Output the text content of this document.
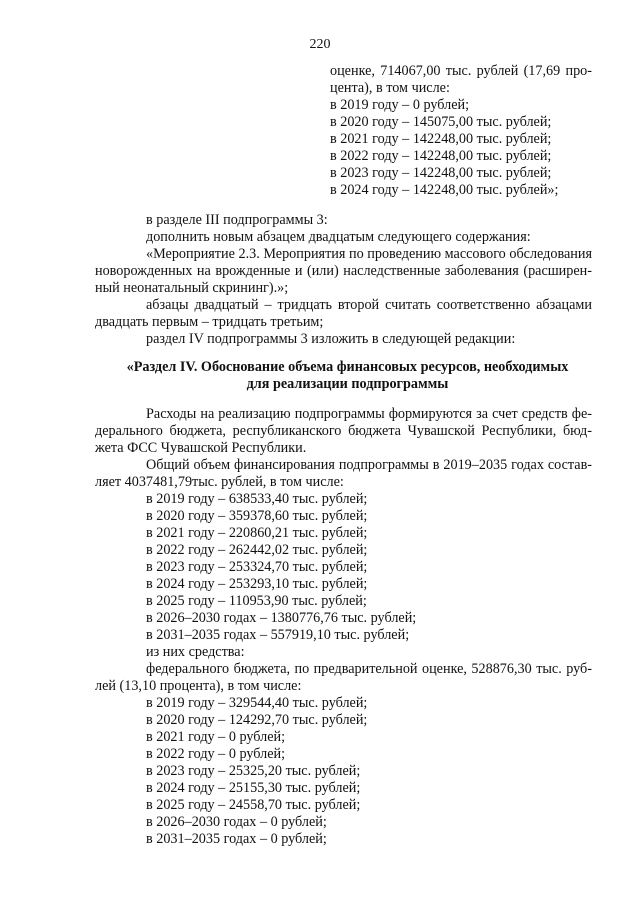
220
оценке, 714067,00 тыс. рублей (17,69 про-
цента), в том числе:
в 2019 году – 0 рублей;
в 2020 году – 145075,00 тыс. рублей;
в 2021 году – 142248,00 тыс. рублей;
в 2022 году – 142248,00 тыс. рублей;
в 2023 году – 142248,00 тыс. рублей;
в 2024 году – 142248,00 тыс. рублей»;
в разделе III подпрограммы 3:
дополнить новым абзацем двадцатым следующего содержания:
«Мероприятие 2.3. Мероприятия по проведению массового обследования
новорожденных на врожденные и (или) наследственные заболевания (расширен-
ный неонатальный скрининг).»;
абзацы двадцатый – тридцать второй считать соответственно абзацами
двадцать первым – тридцать третьим;
раздел IV подпрограммы 3 изложить в следующей редакции:
«Раздел IV. Обоснование объема финансовых ресурсов, необходимых
для реализации подпрограммы
Расходы на реализацию подпрограммы формируются за счет средств фе-
дерального бюджета, республиканского бюджета Чувашской Республики, бюд-
жета ФСС Чувашской Республики.
Общий объем финансирования подпрограммы в 2019–2035 годах состав-
ляет 4037481,79тыс. рублей, в том числе:
в 2019 году – 638533,40 тыс. рублей;
в 2020 году – 359378,60 тыс. рублей;
в 2021 году – 220860,21 тыс. рублей;
в 2022 году – 262442,02 тыс. рублей;
в 2023 году – 253324,70 тыс. рублей;
в 2024 году – 253293,10 тыс. рублей;
в 2025 году – 110953,90 тыс. рублей;
в 2026–2030 годах – 1380776,76 тыс. рублей;
в 2031–2035 годах – 557919,10 тыс. рублей;
из них средства:
федерального бюджета, по предварительной оценке, 528876,30 тыс. руб-
лей (13,10 процента), в том числе:
в 2019 году – 329544,40 тыс. рублей;
в 2020 году – 124292,70 тыс. рублей;
в 2021 году – 0 рублей;
в 2022 году – 0 рублей;
в 2023 году – 25325,20 тыс. рублей;
в 2024 году – 25155,30 тыс. рублей;
в 2025 году – 24558,70 тыс. рублей;
в 2026–2030 годах – 0 рублей;
в 2031–2035 годах – 0 рублей;
